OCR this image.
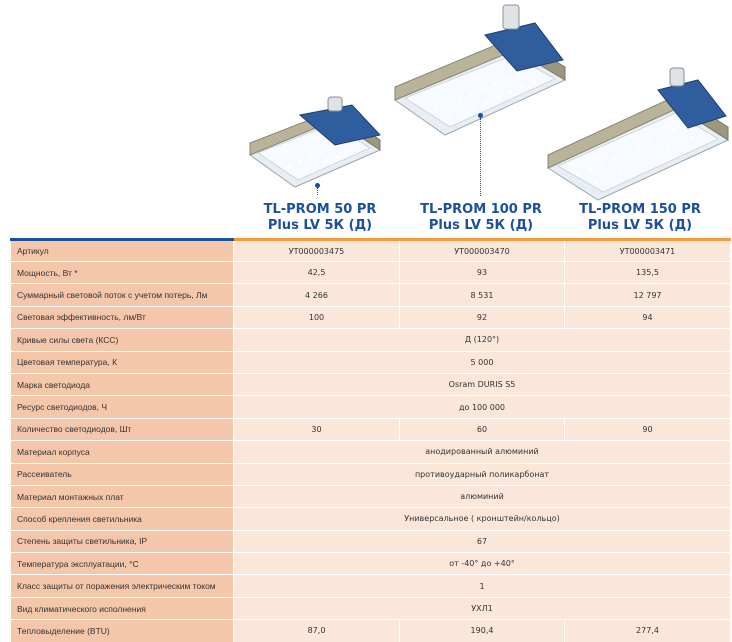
TL-PROM 50 PR
Plus LV 5К (Д)
TL-PROM 100 PR
Plus LV 5К (Д)
TL-PROM 150 PR
Plus LV 5К (Д)
Артикул	УТ000003475	УТ000003470	УТ000003471
Мощность, Вт *	42,5	93	135,5
Суммарный световой поток с учетом потерь, Лм	4 266	8 531	12 797
Световая эффективность, лм/Вт	100	92	94
Кривые силы света (КСС)	Д (120°)		
Цветовая температура, К	5 000		
Марка светодиода	Osram DURIS S5		
Ресурс светодиодов, Ч	до 100 000		
Количество светодиодов, Шт	30	60	90
Материал корпуса	анодированный алюминий		
Рассеиватель	противоударный поликарбонат		
Материал монтажных плат	алюминий		
Способ крепления светильника	Универсальное ( кронштейн/кольцо)		
Степень защиты светильника, IP	67		
Температура эксплуатации, °С	от -40° до +40°		
Класс защиты от поражения электрическим током	1		
Вид климатического исполнения	УХЛ1		
Тепловыделение (BTU)	87,0	190,4	277,4
